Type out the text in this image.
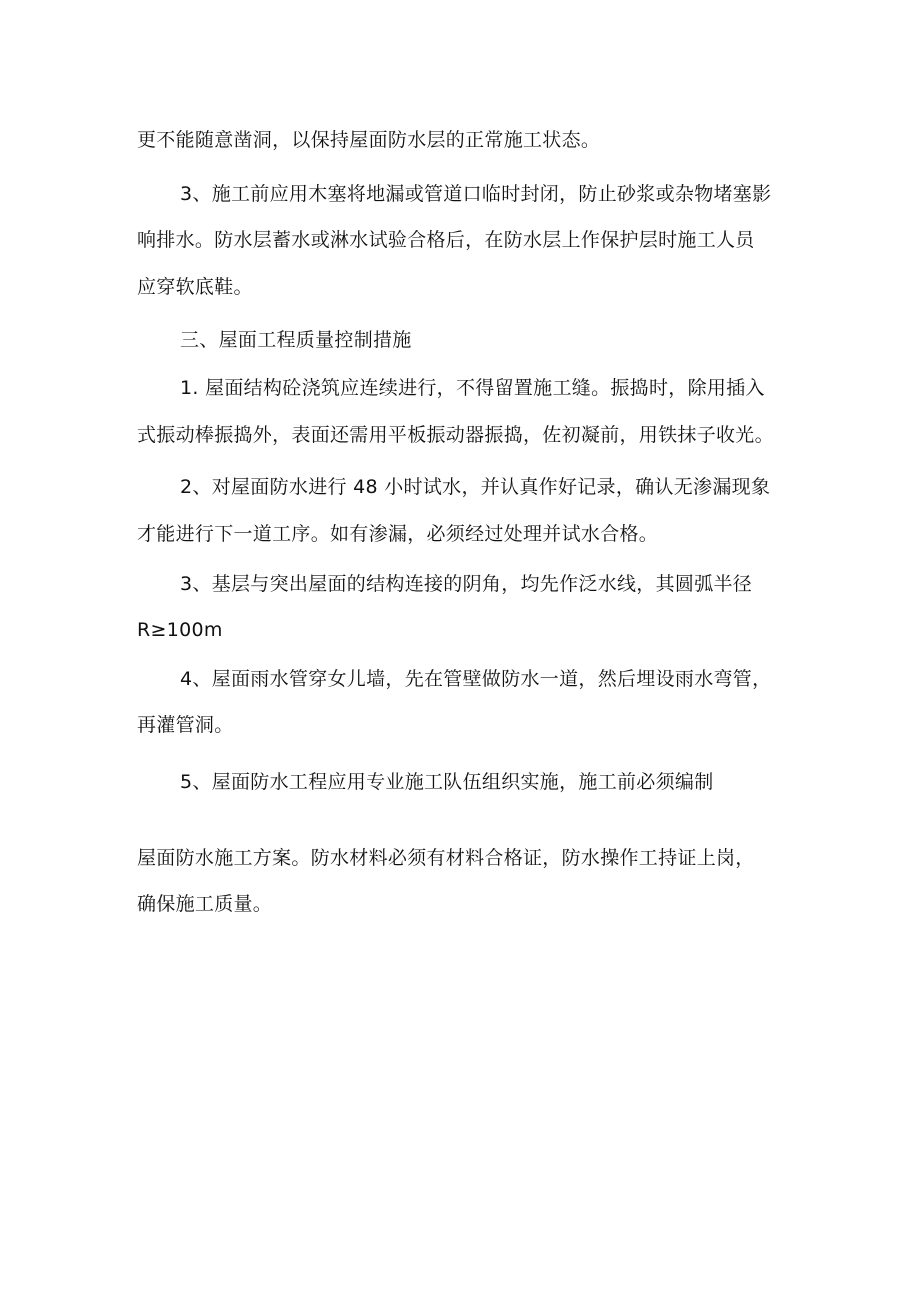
更不能随意凿洞，以保持屋面防水层的正常施工状态。
3、施工前应用木塞将地漏或管道口临时封闭，防止砂浆或杂物堵塞影
响排水。防水层蓄水或淋水试验合格后，在防水层上作保护层时施工人员
应穿软底鞋。
三、屋面工程质量控制措施
1. 屋面结构砼浇筑应连续进行，不得留置施工缝。振捣时，除用插入
式振动棒振捣外，表面还需用平板振动器振捣，佐初凝前，用铁抹子收光。
2、对屋面防水进行 48 小时试水，并认真作好记录，确认无渗漏现象
才能进行下一道工序。如有渗漏，必须经过处理并试水合格。
3、基层与突出屋面的结构连接的阴角，均先作泛水线，其圆弧半径
R≥100m
4、屋面雨水管穿女儿墙，先在管壁做防水一道，然后埋设雨水弯管，
再灌管洞。
5、屋面防水工程应用专业施工队伍组织实施，施工前必须编制
屋面防水施工方案。防水材料必须有材料合格证，防水操作工持证上岗，
确保施工质量。
